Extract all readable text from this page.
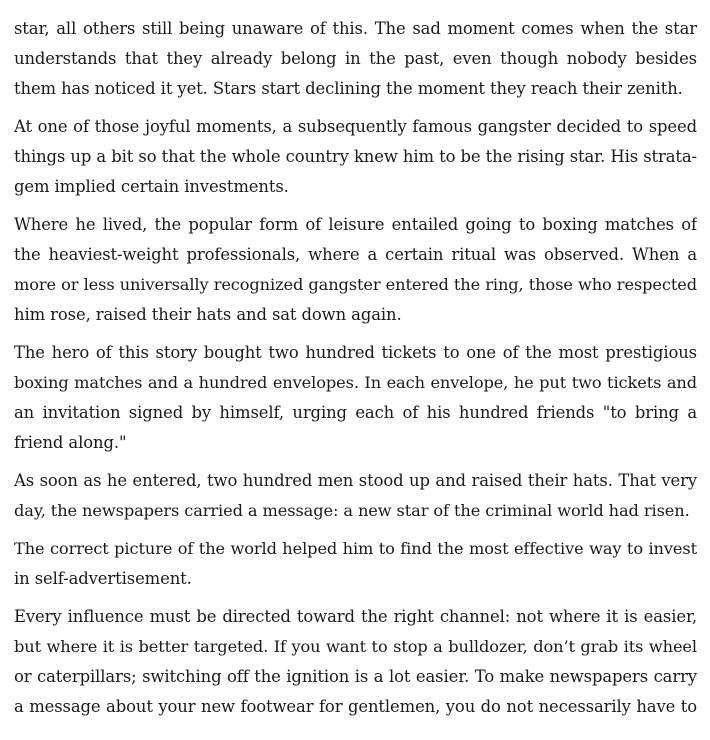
star, all others still being unaware of this. The sad moment comes when the star
understands that they already belong in the past, even though nobody besides
them has noticed it yet. Stars start declining the moment they reach their zenith.
At one of those joyful moments, a subsequently famous gangster decided to speed
things up a bit so that the whole country knew him to be the rising star. His strata-
gem implied certain investments.
Where he lived, the popular form of leisure entailed going to boxing matches of
the heaviest-weight professionals, where a certain ritual was observed. When a
more or less universally recognized gangster entered the ring, those who respected
him rose, raised their hats and sat down again.
The hero of this story bought two hundred tickets to one of the most prestigious
boxing matches and a hundred envelopes. In each envelope, he put two tickets and
an invitation signed by himself, urging each of his hundred friends "to bring a
friend along."
As soon as he entered, two hundred men stood up and raised their hats. That very
day, the newspapers carried a message: a new star of the criminal world had risen.
The correct picture of the world helped him to find the most effective way to invest
in self-advertisement.
Every influence must be directed toward the right channel: not where it is easier,
but where it is better targeted. If you want to stop a bulldozer, don’t grab its wheel
or caterpillars; switching off the ignition is a lot easier. To make newspapers carry
a message about your new footwear for gentlemen, you do not necessarily have to
